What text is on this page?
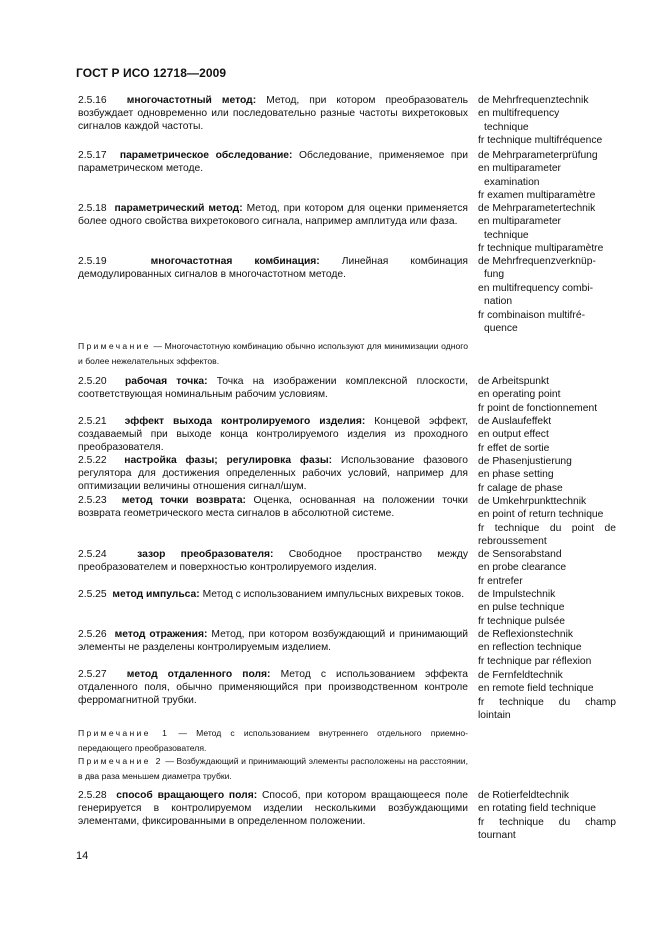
ГОСТ Р ИСО 12718—2009
2.5.16 многочастотный метод: Метод, при котором преобразователь возбуждает одновременно или последовательно разные частоты вихретоковых сигналов каждой частоты.
de Mehrfrequenztechnik
en multifrequency
technique
fr technique multifréquence
2.5.17 параметрическое обследование: Обследование, применяемое при параметрическом методе.
de Mehrparameterprüfung
en multiparameter
examination
fr examen multiparamètre
2.5.18 параметрический метод: Метод, при котором для оценки применяется более одного свойства вихретокового сигнала, например амплитуда или фаза.
de Mehrparametertechnik
en multiparameter
technique
fr technique multiparamètre
2.5.19	многочастотная комбинация: Линейная комбинация демодулированных сигналов в многочастотном методе.
de Mehrfrequenzverknüp-
fung
en multifrequency combi-
nation
fr combinaison multifré-
quence
Примечание — Многочастотную комбинацию обычно используют для минимизации одного и более нежелательных эффектов.
2.5.20 рабочая точка: Точка на изображении комплексной плоскости, соответствующая номинальным рабочим условиям.
de Arbeitspunkt
en operating point
fr point de fonctionnement
2.5.21 эффект выхода контролируемого изделия: Концевой эффект, создаваемый при выходе конца контролируемого изделия из проходного преобразователя.
de Auslaufeffekt
en output effect
fr effet de sortie
2.5.22 настройка фазы; регулировка фазы: Использование фазового регулятора для достижения определенных рабочих условий, например для оптимизации величины отношения сигнал/шум.
de Phasenjustierung
en phase setting
fr calage de phase
2.5.23 метод точки возврата: Оценка, основанная на положении точки возврата геометрического места сигналов в абсолютной системе.
de Umkehrpunkttechnik
en point of return technique
fr technique du point de
rebroussement
2.5.24	зазор преобразователя: Свободное пространство между преобразователем и поверхностью контролируемого изделия.
de Sensorabstand
en probe clearance
fr entrefer
2.5.25 метод импульса: Метод с использованием импульсных вихревых токов.	de Impulstechnik
en pulse technique
fr technique pulsée
2.5.26 метод отражения: Метод, при котором возбуждающий и принимающий элементы не разделены контролируемым изделием.
de Reflexionstechnik
en reflection technique
fr technique par réflexion
2.5.27 метод отдаленного поля: Метод с использованием эффекта отдаленного поля, обычно применяющийся при производственном контроле ферромагнитной трубки.
de Fernfeldtechnik
en remote field technique
fr technique du champ
lointain
Примечание 1 — Метод с использованием внутреннего отдельного приемно-передающего преобразователя.
Примечание 2 — Возбуждающий и принимающий элементы расположены на расстоянии, в два раза меньшем диаметра трубки.
2.5.28 способ вращающего поля: Способ, при котором вращающееся поле генерируется в контролируемом изделии несколькими возбуждающими элементами, фиксированными в определенном положении.
de Rotierfeldtechnik
en rotating field technique
fr technique du champ
tournant
14
